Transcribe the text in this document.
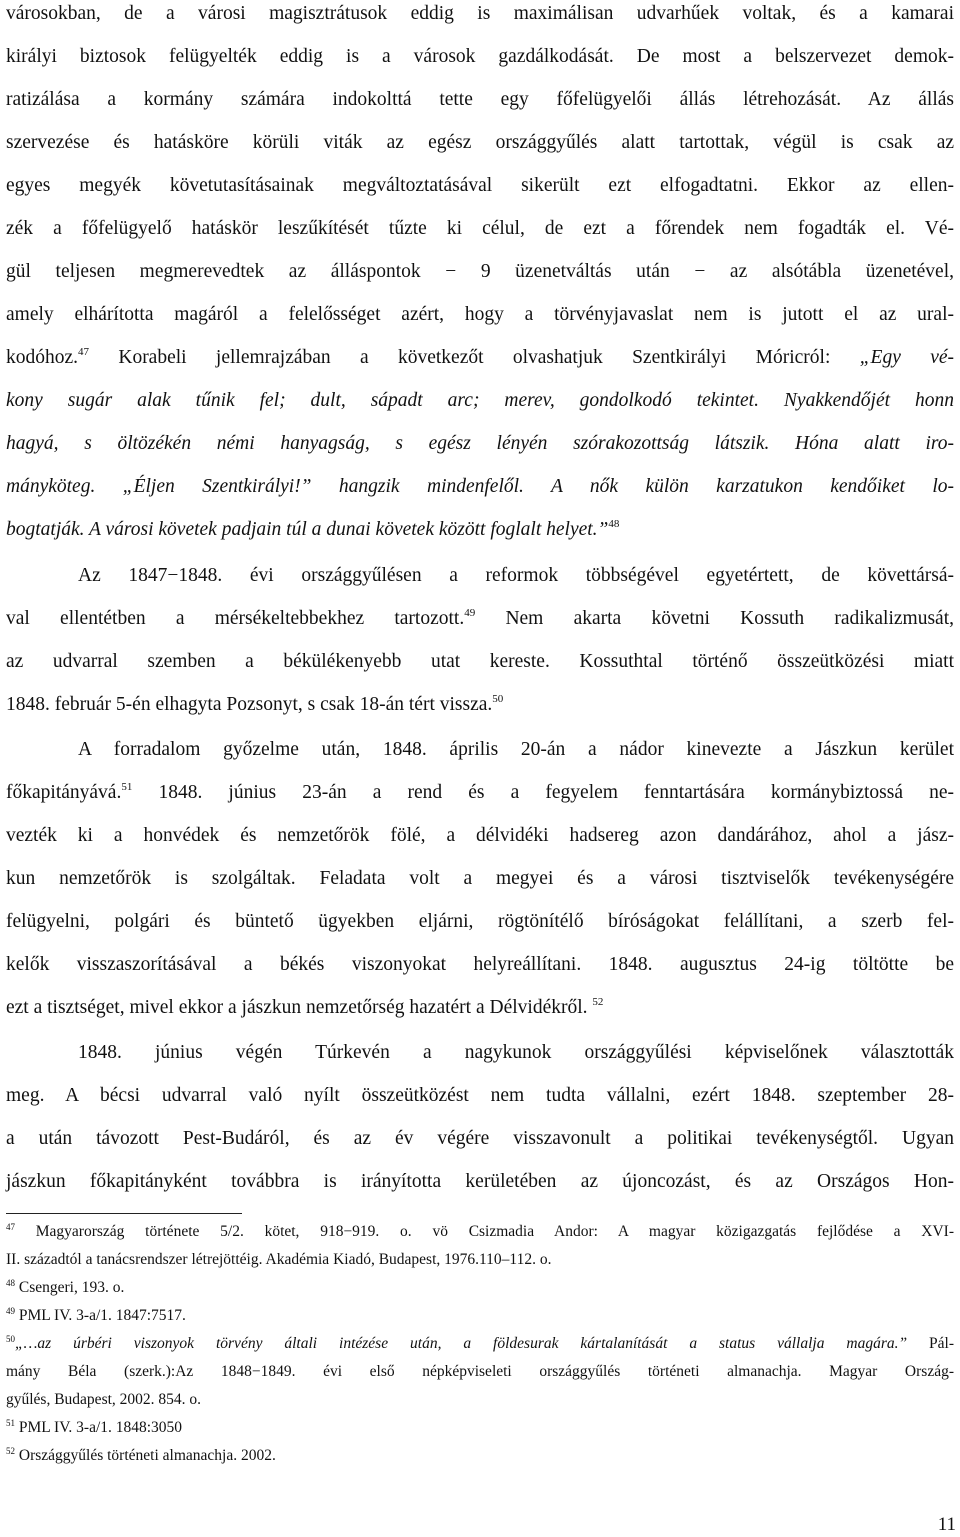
városokban, de a városi magisztrátusok eddig is maximálisan udvarhűek voltak, és a kamarai
királyi biztosok felügyelték eddig is a városok gazdálkodását. De most a belszervezet demok-
ratizálása a kormány számára indokolttá tette egy főfelügyelői állás létrehozását. Az állás
szervezése és hatásköre körüli viták az egész országgyűlés alatt tartottak, végül is csak az
egyes megyék követutasításainak megváltoztatásával sikerült ezt elfogadtatni. Ekkor az ellen-
zék a főfelügyelő hatáskör leszűkítését tűzte ki célul, de ezt a főrendek nem fogadták el. Vé-
gül teljesen megmerevedtek az álláspontok − 9 üzenetváltás után − az alsótábla üzenetével,
amely elhárította magáról a felelősséget azért, hogy a törvényjavaslat nem is jutott el az ural-
kodóhoz.$^{47}$ Korabeli jellemrajzában a következőt olvashatjuk Szentkirályi Móricról: „Egy vé-
kony sugár alak tűnik fel; dult, sápadt arc; merev, gondolkodó tekintet. Nyakkendőjét honn
hagyá, s öltözékén némi hanyagság, s egész lényén szórakozottság látszik. Hóna alatt iro-
mányköteg. „Éljen Szentkirályi!” hangzik mindenfelől. A nők külön karzatukon kendőiket lo-
bogtatják. A városi követek padjain túl a dunai követek között foglalt helyet.”$^{48}$
Az 1847−1848. évi országgyűlésen a reformok többségével egyetértett, de követtársá-
val ellentétben a mérsékeltebbekhez tartozott.$^{49}$ Nem akarta követni Kossuth radikalizmusát,
az udvarral szemben a békülékenyebb utat kereste. Kossuthtal történő összeütközési miatt
1848. február 5-én elhagyta Pozsonyt, s csak 18-án tért vissza.$^{50}$
A forradalom győzelme után, 1848. április 20-án a nádor kinevezte a Jászkun kerület
főkapitányává.$^{51}$ 1848. június 23-án a rend és a fegyelem fenntartására kormánybiztossá ne-
vezték ki a honvédek és nemzetőrök fölé, a délvidéki hadsereg azon dandárához, ahol a jász-
kun nemzetőrök is szolgáltak. Feladata volt a megyei és a városi tisztviselők tevékenységére
felügyelni, polgári és büntető ügyekben eljárni, rögtönítélő bíróságokat felállítani, a szerb fel-
kelők visszaszorításával a békés viszonyokat helyreállítani. 1848. augusztus 24-ig töltötte be
ezt a tisztséget, mivel ekkor a jászkun nemzetőrség hazatért a Délvidékről. $^{52}$
1848. június végén Túrkevén a nagykunok országgyűlési képviselőnek választották
meg. A bécsi udvarral való nyílt összeütközést nem tudta vállalni, ezért 1848. szeptember 28-
a után távozott Pest-Budáról, és az év végére visszavonult a politikai tevékenységtől. Ugyan
jászkun főkapitányként továbbra is irányította kerületében az újoncozást, és az Országos Hon-
$^{47}$ Magyarország története 5/2. kötet, 918−919. o. vö Csizmadia Andor: A magyar közigazgatás fejlődése a XVI-
II. századtól a tanácsrendszer létrejöttéig. Akadémia Kiadó, Budapest, 1976.110–112. o.
$^{48}$ Csengeri, 193. o.
$^{49}$ PML IV. 3-a/1. 1847:7517.
$^{50}$„…az úrbéri viszonyok törvény általi intézése után, a földesurak kártalanítását a status vállalja magára.” Pál-
mány Béla (szerk.):Az 1848−1849. évi első népképviseleti országgyűlés történeti almanachja. Magyar Ország-
gyűlés, Budapest, 2002. 854. o.
$^{51}$ PML IV. 3-a/1. 1848:3050
$^{52}$ Országgyűlés történeti almanachja. 2002.
11
